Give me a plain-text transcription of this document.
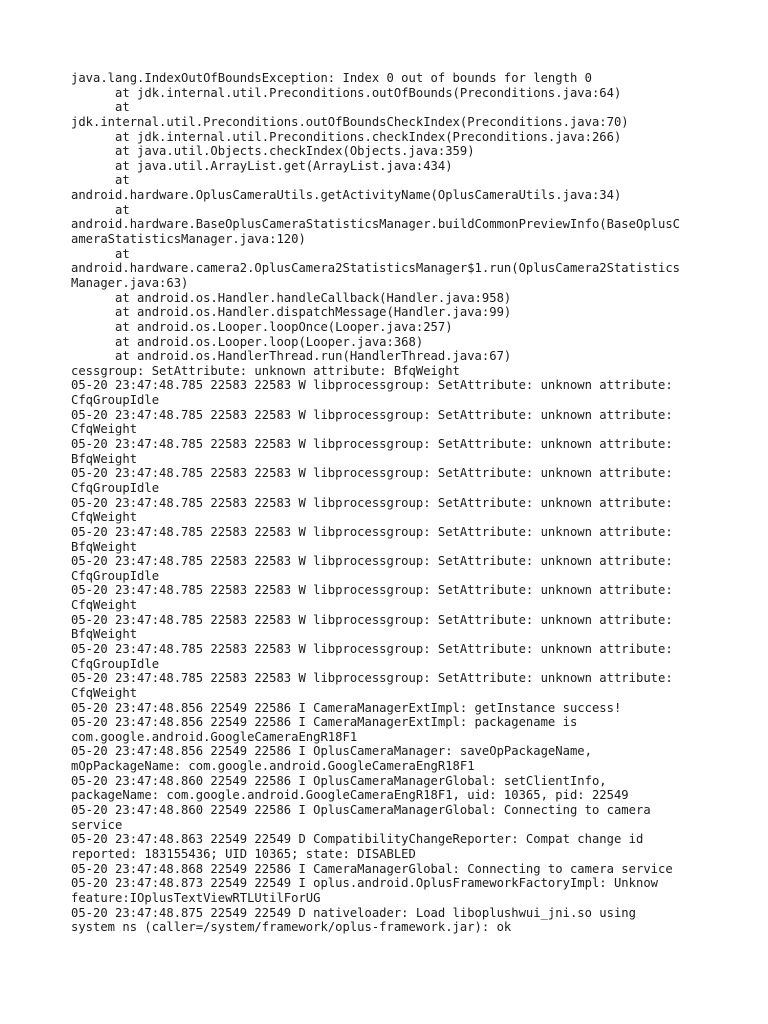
java.lang.IndexOutOfBoundsException: Index 0 out of bounds for length 0
at jdk.internal.util.Preconditions.outOfBounds(Preconditions.java:64)
at
jdk.internal.util.Preconditions.outOfBoundsCheckIndex(Preconditions.java:70)
at jdk.internal.util.Preconditions.checkIndex(Preconditions.java:266)
at java.util.Objects.checkIndex(Objects.java:359)
at java.util.ArrayList.get(ArrayList.java:434)
at
android.hardware.OplusCameraUtils.getActivityName(OplusCameraUtils.java:34)
at
android.hardware.BaseOplusCameraStatisticsManager.buildCommonPreviewInfo(BaseOplusC
ameraStatisticsManager.java:120)
at
android.hardware.camera2.OplusCamera2StatisticsManager$1.run(OplusCamera2Statistics
Manager.java:63)
at android.os.Handler.handleCallback(Handler.java:958)
at android.os.Handler.dispatchMessage(Handler.java:99)
at android.os.Looper.loopOnce(Looper.java:257)
at android.os.Looper.loop(Looper.java:368)
at android.os.HandlerThread.run(HandlerThread.java:67)
cessgroup: SetAttribute: unknown attribute: BfqWeight
05-20 23:47:48.785 22583 22583 W libprocessgroup: SetAttribute: unknown attribute:
CfqGroupIdle
05-20 23:47:48.785 22583 22583 W libprocessgroup: SetAttribute: unknown attribute:
CfqWeight
05-20 23:47:48.785 22583 22583 W libprocessgroup: SetAttribute: unknown attribute:
BfqWeight
05-20 23:47:48.785 22583 22583 W libprocessgroup: SetAttribute: unknown attribute:
CfqGroupIdle
05-20 23:47:48.785 22583 22583 W libprocessgroup: SetAttribute: unknown attribute:
CfqWeight
05-20 23:47:48.785 22583 22583 W libprocessgroup: SetAttribute: unknown attribute:
BfqWeight
05-20 23:47:48.785 22583 22583 W libprocessgroup: SetAttribute: unknown attribute:
CfqGroupIdle
05-20 23:47:48.785 22583 22583 W libprocessgroup: SetAttribute: unknown attribute:
CfqWeight
05-20 23:47:48.785 22583 22583 W libprocessgroup: SetAttribute: unknown attribute:
BfqWeight
05-20 23:47:48.785 22583 22583 W libprocessgroup: SetAttribute: unknown attribute:
CfqGroupIdle
05-20 23:47:48.785 22583 22583 W libprocessgroup: SetAttribute: unknown attribute:
CfqWeight
05-20 23:47:48.856 22549 22586 I CameraManagerExtImpl: getInstance success!
05-20 23:47:48.856 22549 22586 I CameraManagerExtImpl: packagename is
com.google.android.GoogleCameraEngR18F1
05-20 23:47:48.856 22549 22586 I OplusCameraManager: saveOpPackageName,
mOpPackageName: com.google.android.GoogleCameraEngR18F1
05-20 23:47:48.860 22549 22586 I OplusCameraManagerGlobal: setClientInfo,
packageName: com.google.android.GoogleCameraEngR18F1, uid: 10365, pid: 22549
05-20 23:47:48.860 22549 22586 I OplusCameraManagerGlobal: Connecting to camera
service
05-20 23:47:48.863 22549 22549 D CompatibilityChangeReporter: Compat change id
reported: 183155436; UID 10365; state: DISABLED
05-20 23:47:48.868 22549 22586 I CameraManagerGlobal: Connecting to camera service
05-20 23:47:48.873 22549 22549 I oplus.android.OplusFrameworkFactoryImpl: Unknow
feature:IOplusTextViewRTLUtilForUG
05-20 23:47:48.875 22549 22549 D nativeloader: Load liboplushwui_jni.so using
system ns (caller=/system/framework/oplus-framework.jar): ok
